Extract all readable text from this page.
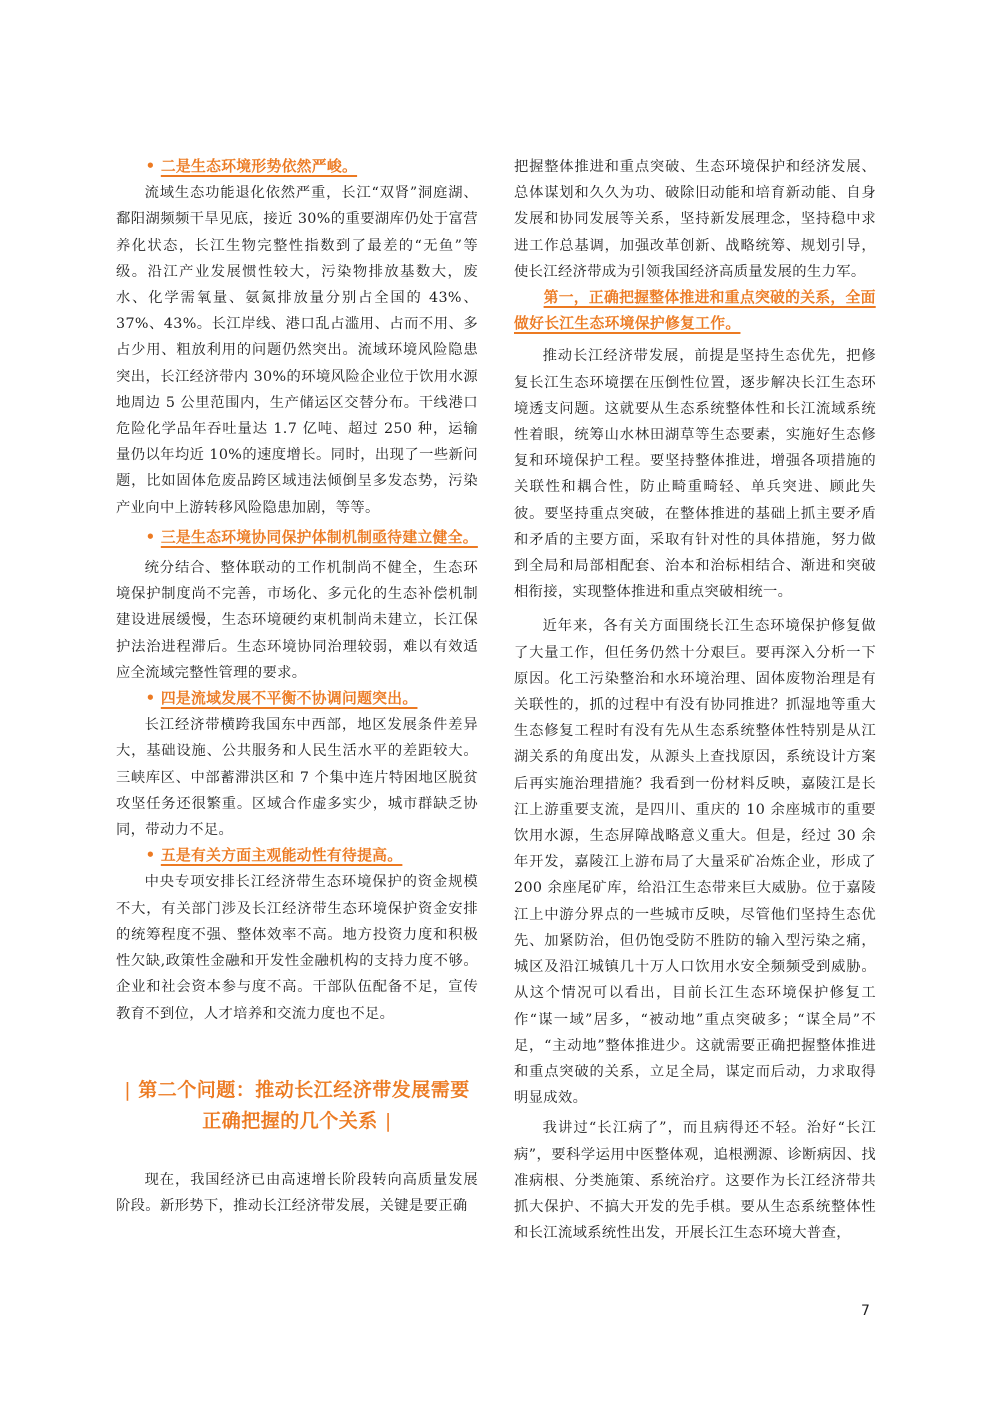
• 二是生态环境形势依然严峻。

流域生态功能退化依然严重，长江“双肾”洞庭湖、鄱阳湖频频干旱见底，接近 30%的重要湖库仍处于富营养化状态，长江生物完整性指数到了最差的“无鱼”等级。沿江产业发展惯性较大，污染物排放基数大，废水、化学需氧量、氨氮排放量分别占全国的 43%、37%、43%。长江岸线、港口乱占滥用、占而不用、多占少用、粗放利用的问题仍然突出。流域环境风险隐患突出，长江经济带内 30%的环境风险企业位于饮用水源地周边 5 公里范围内，生产储运区交替分布。干线港口危险化学品年吞吐量达 1.7 亿吨、超过 250 种，运输量仍以年均近 10%的速度增长。同时，出现了一些新问题，比如固体危废品跨区域违法倾倒呈多发态势，污染产业向中上游转移风险隐患加剧，等等。

• 三是生态环境协同保护体制机制亟待建立健全。

统分结合、整体联动的工作机制尚不健全，生态环境保护制度尚不完善，市场化、多元化的生态补偿机制建设进展缓慢，生态环境硬约束机制尚未建立，长江保护法治进程滞后。生态环境协同治理较弱，难以有效适应全流域完整性管理的要求。

• 四是流域发展不平衡不协调问题突出。

长江经济带横跨我国东中西部，地区发展条件差异大，基础设施、公共服务和人民生活水平的差距较大。三峡库区、中部蓄滞洪区和 7 个集中连片特困地区脱贫攻坚任务还很繁重。区域合作虚多实少，城市群缺乏协同，带动力不足。

• 五是有关方面主观能动性有待提高。

中央专项安排长江经济带生态环境保护的资金规模不大，有关部门涉及长江经济带生态环境保护资金安排的统筹程度不强、整体效率不高。地方投资力度和积极性欠缺,政策性金融和开发性金融机构的支持力度不够。企业和社会资本参与度不高。干部队伍配备不足，宣传教育不到位，人才培养和交流力度也不足。

| 第二个问题：推动长江经济带发展需要
正确把握的几个关系 |

现在，我国经济已由高速增长阶段转向高质量发展阶段。新形势下，推动长江经济带发展，关键是要正确

把握整体推进和重点突破、生态环境保护和经济发展、总体谋划和久久为功、破除旧动能和培育新动能、自身发展和协同发展等关系，坚持新发展理念，坚持稳中求进工作总基调，加强改革创新、战略统筹、规划引导，使长江经济带成为引领我国经济高质量发展的生力军。

第一，正确把握整体推进和重点突破的关系，全面做好长江生态环境保护修复工作。

推动长江经济带发展，前提是坚持生态优先，把修复长江生态环境摆在压倒性位置，逐步解决长江生态环境透支问题。这就要从生态系统整体性和长江流域系统性着眼，统筹山水林田湖草等生态要素，实施好生态修复和环境保护工程。要坚持整体推进，增强各项措施的关联性和耦合性，防止畸重畸轻、单兵突进、顾此失彼。要坚持重点突破，在整体推进的基础上抓主要矛盾和矛盾的主要方面，采取有针对性的具体措施，努力做到全局和局部相配套、治本和治标相结合、渐进和突破相衔接，实现整体推进和重点突破相统一。

近年来，各有关方面围绕长江生态环境保护修复做了大量工作，但任务仍然十分艰巨。要再深入分析一下原因。化工污染整治和水环境治理、固体废物治理是有关联性的，抓的过程中有没有协同推进？抓湿地等重大生态修复工程时有没有先从生态系统整体性特别是从江湖关系的角度出发，从源头上查找原因，系统设计方案后再实施治理措施？我看到一份材料反映，嘉陵江是长江上游重要支流，是四川、重庆的 10 余座城市的重要饮用水源，生态屏障战略意义重大。但是，经过 30 余年开发，嘉陵江上游布局了大量采矿冶炼企业，形成了 200 余座尾矿库，给沿江生态带来巨大威胁。位于嘉陵江上中游分界点的一些城市反映，尽管他们坚持生态优先、加紧防治，但仍饱受防不胜防的输入型污染之痛，城区及沿江城镇几十万人口饮用水安全频频受到威胁。从这个情况可以看出，目前长江生态环境保护修复工作“谋一域”居多，“被动地”重点突破多；“谋全局”不足，“主动地”整体推进少。这就需要正确把握整体推进和重点突破的关系，立足全局，谋定而后动，力求取得明显成效。

我讲过“长江病了”，而且病得还不轻。治好“长江病”，要科学运用中医整体观，追根溯源、诊断病因、找准病根、分类施策、系统治疗。这要作为长江经济带共抓大保护、不搞大开发的先手棋。要从生态系统整体性和长江流域系统性出发，开展长江生态环境大普查，

7
